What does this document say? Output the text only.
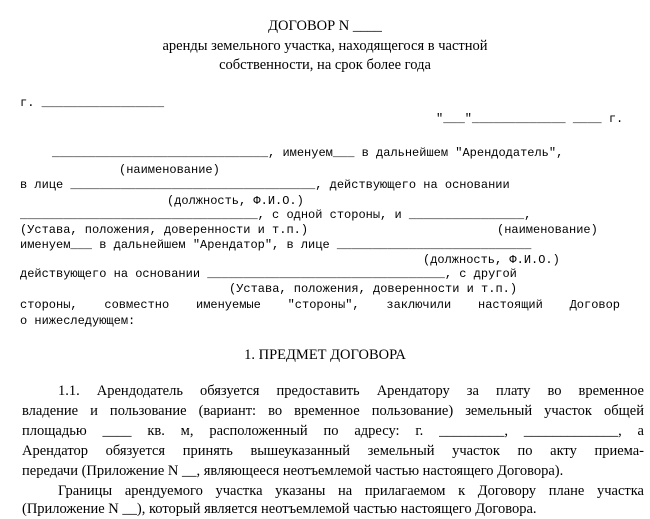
ДОГОВОР N ____
аренды земельного участка, находящегося в частной
собственности, на срок более года
г. _________________
"___"_____________ ____ г.
______________________________, именуем___ в дальнейшем "Арендодатель",
(наименование)
в лице __________________________________, действующего на основании
(должность, Ф.И.О.)
_________________________________, с одной стороны, и ________________,
(Устава, положения, доверенности и т.п.)	(наименование)
именуем___ в дальнейшем "Арендатор", в лице ___________________________
(должность, Ф.И.О.)
действующего на основании _________________________________, с другой
(Устава, положения, доверенности и т.п.)
стороны, совместно именуемые "стороны", заключили настоящий Договор
о нижеследующем:
1. ПРЕДМЕТ ДОГОВОРА
1.1. Арендодатель обязуется предоставить Арендатору за плату во временное
владение и пользование (вариант: во временное пользование) земельный участок общей
площадью ____ кв. м, расположенный по адресу: г. _________, _____________, а
Арендатор обязуется принять вышеуказанный земельный участок по акту приема-
передачи (Приложение N __, являющееся неотъемлемой частью настоящего Договора).
Границы арендуемого участка указаны на прилагаемом к Договору плане участка
(Приложение N __), который является неотъемлемой частью настоящего Договора.
